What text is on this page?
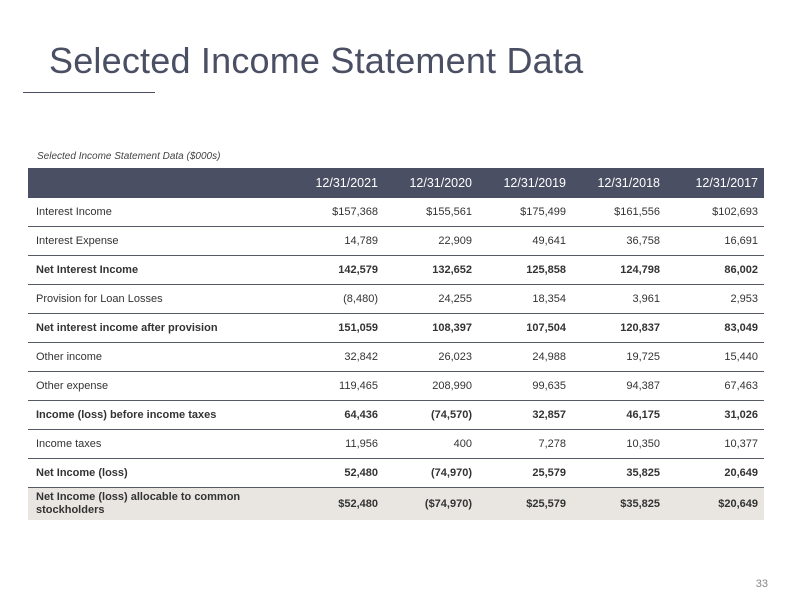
Selected Income Statement Data
Selected Income Statement Data ($000s)
	12/31/2021	12/31/2020	12/31/2019	12/31/2018	12/31/2017
Interest Income	$157,368	$155,561	$175,499	$161,556	$102,693
Interest Expense	14,789	22,909	49,641	36,758	16,691
Net Interest Income	142,579	132,652	125,858	124,798	86,002
Provision for Loan Losses	(8,480)	24,255	18,354	3,961	2,953
Net interest income after provision	151,059	108,397	107,504	120,837	83,049
Other income	32,842	26,023	24,988	19,725	15,440
Other expense	119,465	208,990	99,635	94,387	67,463
Income (loss) before income taxes	64,436	(74,570)	32,857	46,175	31,026
Income taxes	11,956	400	7,278	10,350	10,377
Net Income (loss)	52,480	(74,970)	25,579	35,825	20,649
Net Income (loss) allocable to common stockholders	$52,480	($74,970)	$25,579	$35,825	$20,649
33
